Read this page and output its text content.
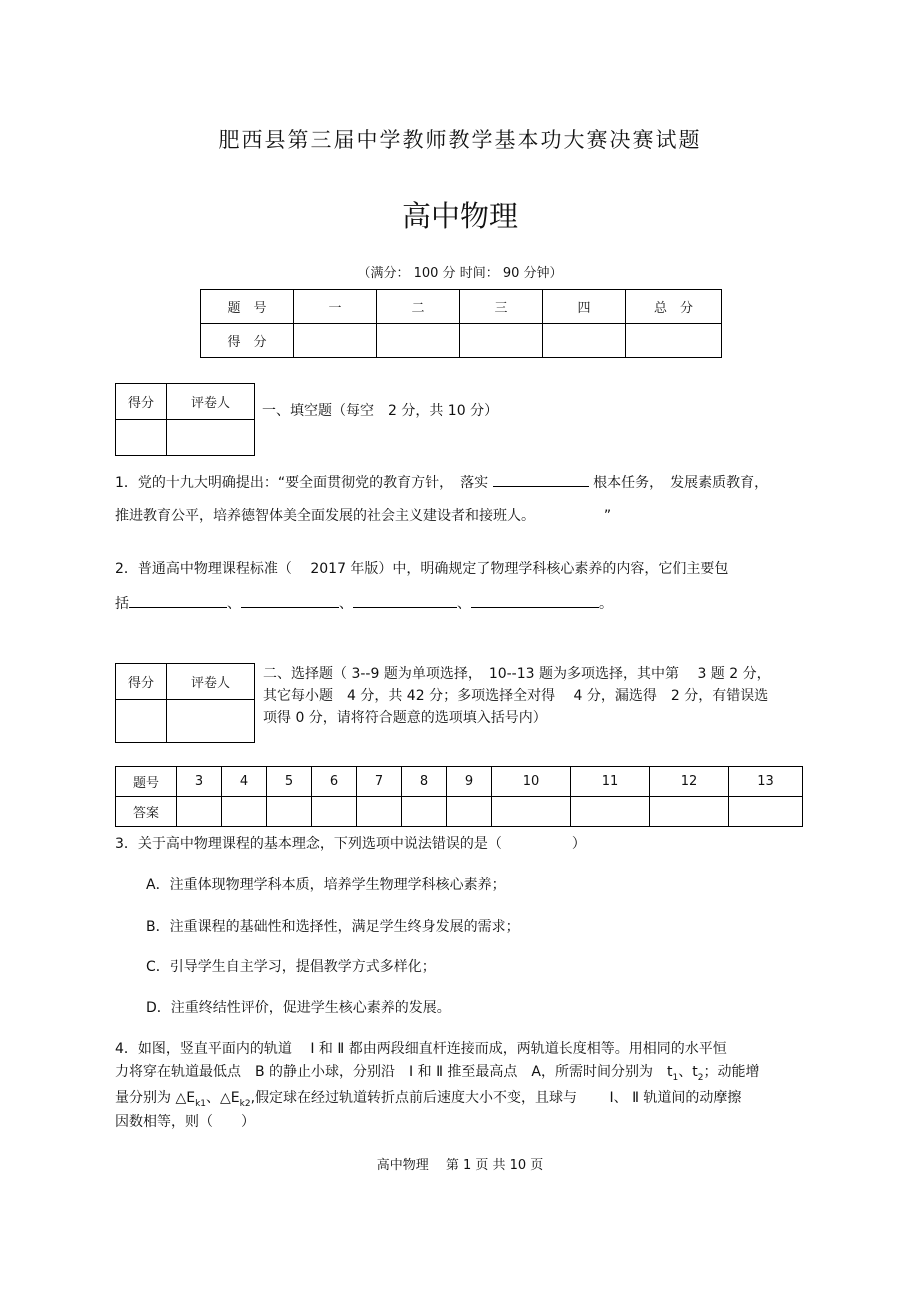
肥西县第三届中学教师教学基本功大赛决赛试题
高中物理
（满分： 100 分 时间： 90 分钟）
题　号	一	二	三	四	总　分
得　分					
得分	评卷人
	一、填空题（每空　2 分，共 10 分）
1．党的十九大明确提出：“要全面贯彻党的教育方针，　落实	根本任务，　发展素质教育，
推进教育公平，培养德智体美全面发展的社会主义建设者和接班人。	”
2．普通高中物理课程标准（　 2017 年版）中，明确规定了物理学科核心素养的内容，它们主要包
括	、	、	、	。
得分	评卷人

二、选择题（ 3--9 题为单项选择，　10--13 题为多项选择，其中第　 3 题 2 分，
其它每小题　4 分，共 42 分；多项选择全对得　 4 分，漏选得　2 分，有错误选
项得 0 分，请将符合题意的选项填入括号内）
题号	3	4	5	6	7	8	9	10	11	12	13
答案											
3．关于高中物理课程的基本理念，下列选项中说法错误的是（　　　　　）
A．注重体现物理学科本质，培养学生物理学科核心素养；
B．注重课程的基础性和选择性，满足学生终身发展的需求；
C．引导学生自主学习，提倡教学方式多样化；
D．注重终结性评价，促进学生核心素养的发展。
4．如图，竖直平面内的轨道　 Ⅰ 和 Ⅱ 都由两段细直杆连接而成，两轨道长度相等。用相同的水平恒
力将穿在轨道最低点　B 的静止小球，分别沿　Ⅰ 和 Ⅱ 推至最高点　A，所需时间分别为　$t_1$、$t_2$；动能增
量分别为 $\triangle E_{k1}$、$\triangle E_{k2}$,假定球在经过轨道转折点前后速度大小不变，且球与　　 Ⅰ、 Ⅱ 轨道间的动摩擦
因数相等，则（　　）
高中物理　 第 1 页 共 10 页
